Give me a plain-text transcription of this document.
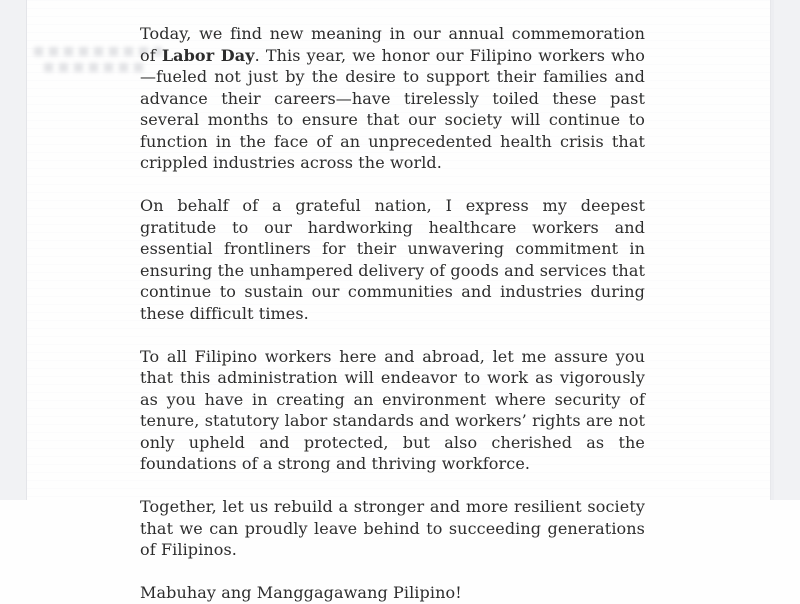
Today, we find new meaning in our annual commemoration of Labor Day. This year, we honor our Filipino workers who—fueled not just by the desire to support their families and advance their careers—have tirelessly toiled these past several months to ensure that our society will continue to function in the face of an unprecedented health crisis that crippled industries across the world.

On behalf of a grateful nation, I express my deepest gratitude to our hardworking healthcare workers and essential frontliners for their unwavering commitment in ensuring the unhampered delivery of goods and services that continue to sustain our communities and industries during these difficult times.

To all Filipino workers here and abroad, let me assure you that this administration will endeavor to work as vigorously as you have in creating an environment where security of tenure, statutory labor standards and workers’ rights are not only upheld and protected, but also cherished as the foundations of a strong and thriving workforce.

Together, let us rebuild a stronger and more resilient society that we can proudly leave behind to succeeding generations of Filipinos.

Mabuhay ang Manggagawang Pilipino!
